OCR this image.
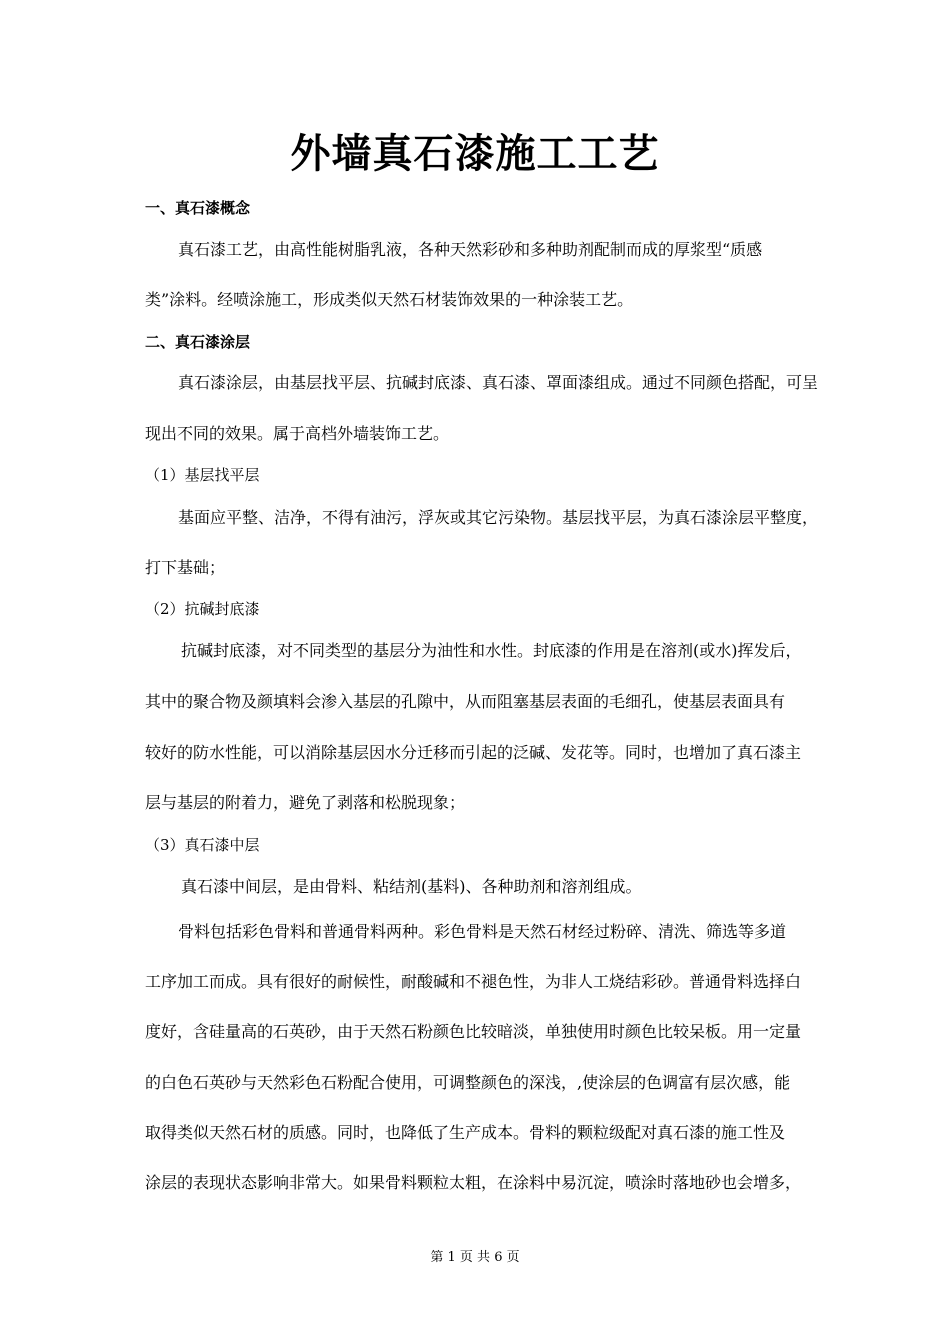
外墙真石漆施工工艺

一、真石漆概念

真石漆工艺，由高性能树脂乳液，各种天然彩砂和多种助剂配制而成的厚浆型“质感

类”涂料。经喷涂施工，形成类似天然石材装饰效果的一种涂装工艺。

二、真石漆涂层

真石漆涂层，由基层找平层、抗碱封底漆、真石漆、罩面漆组成。通过不同颜色搭配，可呈

现出不同的效果。属于高档外墙装饰工艺。

（1）基层找平层

基面应平整、洁净，不得有油污，浮灰或其它污染物。基层找平层，为真石漆涂层平整度，

打下基础；

（2）抗碱封底漆

抗碱封底漆，对不同类型的基层分为油性和水性。封底漆的作用是在溶剂(或水)挥发后，

其中的聚合物及颜填料会渗入基层的孔隙中，从而阻塞基层表面的毛细孔，使基层表面具有

较好的防水性能，可以消除基层因水分迁移而引起的泛碱、发花等。同时，也增加了真石漆主

层与基层的附着力，避免了剥落和松脱现象；

（3）真石漆中层

真石漆中间层，是由骨料、粘结剂(基料)、各种助剂和溶剂组成。

骨料包括彩色骨料和普通骨料两种。彩色骨料是天然石材经过粉碎、清洗、筛选等多道

工序加工而成。具有很好的耐候性，耐酸碱和不褪色性，为非人工烧结彩砂。普通骨料选择白

度好，含硅量高的石英砂，由于天然石粉颜色比较暗淡，单独使用时颜色比较呆板。用一定量

的白色石英砂与天然彩色石粉配合使用，可调整颜色的深浅，,使涂层的色调富有层次感，能

取得类似天然石材的质感。同时，也降低了生产成本。骨料的颗粒级配对真石漆的施工性及

涂层的表现状态影响非常大。如果骨料颗粒太粗，在涂料中易沉淀，喷涂时落地砂也会增多，

第 1 页 共 6 页
